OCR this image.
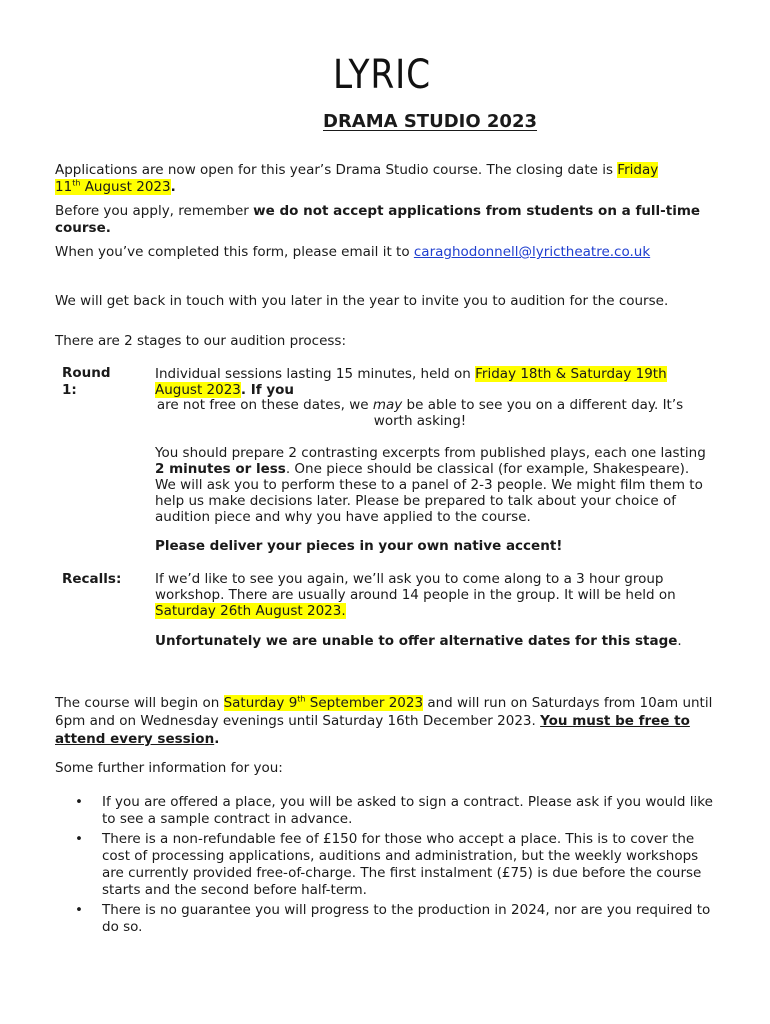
LYRIC
DRAMA STUDIO 2023
Applications are now open for this year’s Drama Studio course. The closing date is Friday
11th August 2023.
Before you apply, remember we do not accept applications from students on a full-time course.
When you’ve completed this form, please email it to caraghodonnell@lyrictheatre.co.uk
We will get back in touch with you later in the year to invite you to audition for the course.
There are 2 stages to our audition process:
Round 1:
Individual sessions lasting 15 minutes, held on Friday 18th & Saturday 19th
August 2023. If you
are not free on these dates, we may be able to see you on a different day. It’s
worth asking!
You should prepare 2 contrasting excerpts from published plays, each one lasting 2 minutes or less. One piece should be classical (for example, Shakespeare). We will ask you to perform these to a panel of 2-3 people. We might film them to help us make decisions later. Please be prepared to talk about your choice of audition piece and why you have applied to the course.
Please deliver your pieces in your own native accent!
Recalls: If we’d like to see you again, we’ll ask you to come along to a 3 hour group workshop. There are usually around 14 people in the group. It will be held on Saturday 26th August 2023.
Unfortunately we are unable to offer alternative dates for this stage.
The course will begin on Saturday 9th September 2023 and will run on Saturdays from 10am until 6pm and on Wednesday evenings until Saturday 16th December 2023. You must be free to attend every session.
Some further information for you:
• If you are offered a place, you will be asked to sign a contract. Please ask if you would like to see a sample contract in advance.
• There is a non-refundable fee of £150 for those who accept a place. This is to cover the cost of processing applications, auditions and administration, but the weekly workshops are currently provided free-of-charge. The first instalment (£75) is due before the course starts and the second before half-term.
• There is no guarantee you will progress to the production in 2024, nor are you required to do so.
